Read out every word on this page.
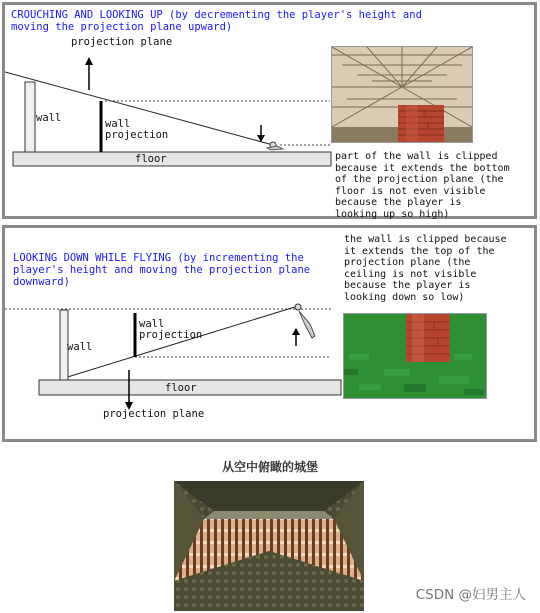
CROUCHING AND LOOKING UP (by decrementing the player's height and
moving the projection plane upward)
projection plane
wall	wall
projection
floor	part of the wall is clipped
because it extends the bottom
of the projection plane (the
floor is not even visible
because the player is
looking up so high)
LOOKING DOWN WHILE FLYING (by incrementing the
player's height and moving the projection plane
downward)
wall
wall
projection
floor
projection plane
the wall is clipped because
it extends the top of the
projection plane (the
ceiling is not visible
because the player is
looking down so low)
从空中俯瞰的城堡
CSDN @妇男主人
